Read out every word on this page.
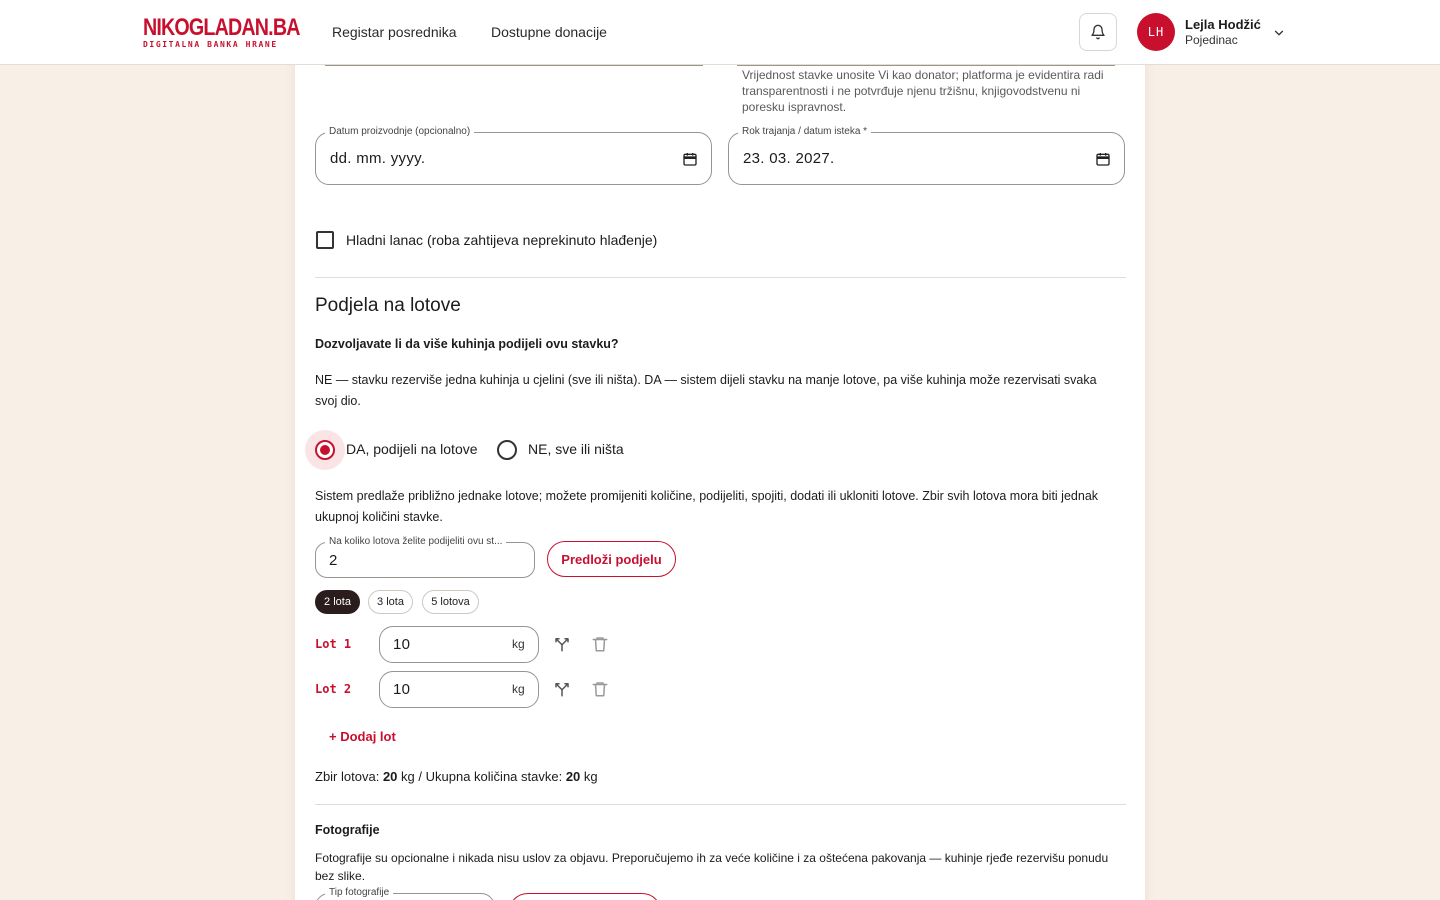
NIKOGLADAN.BA
DIGITALNA BANKA HRANE
Registar posrednika Dostupne donacije	LH	Lejla Hodžić
Pojedinac
Vrijednost stavke unosite Vi kao donator; platforma je evidentira radi transparentnosti i ne potvrđuje njenu tržišnu, knjigovodstvenu ni poresku ispravnost.
Datum proizvodnje (opcionalno)
dd. mm. yyyy.
Rok trajanja / datum isteka *
23. 03. 2027.
Hladni lanac (roba zahtijeva neprekinuto hlađenje)
Podjela na lotove
Dozvoljavate li da više kuhinja podijeli ovu stavku?
NE — stavku rezerviše jedna kuhinja u cjelini (sve ili ništa). DA — sistem dijeli stavku na manje lotove, pa više kuhinja može rezervisati svaka svoj dio.
DA, podijeli na lotove	NE, sve ili ništa
Sistem predlaže približno jednake lotove; možete promijeniti količine, podijeliti, spojiti, dodati ili ukloniti lotove. Zbir svih lotova mora biti jednak ukupnoj količini stavke.
Na koliko lotova želite podijeliti ovu st...
2	Predloži podjelu
2 lota	3 lota	5 lotova
Lot 1	10	kg
Lot 2	10	kg
+ Dodaj lot
Zbir lotova: 20 kg / Ukupna količina stavke: 20 kg
Fotografije
Fotografije su opcionalne i nikada nisu uslov za objavu. Preporučujemo ih za veće količine i za oštećena pakovanja — kuhinje rjeđe rezervišu ponudu bez slike.
Tip fotografije
